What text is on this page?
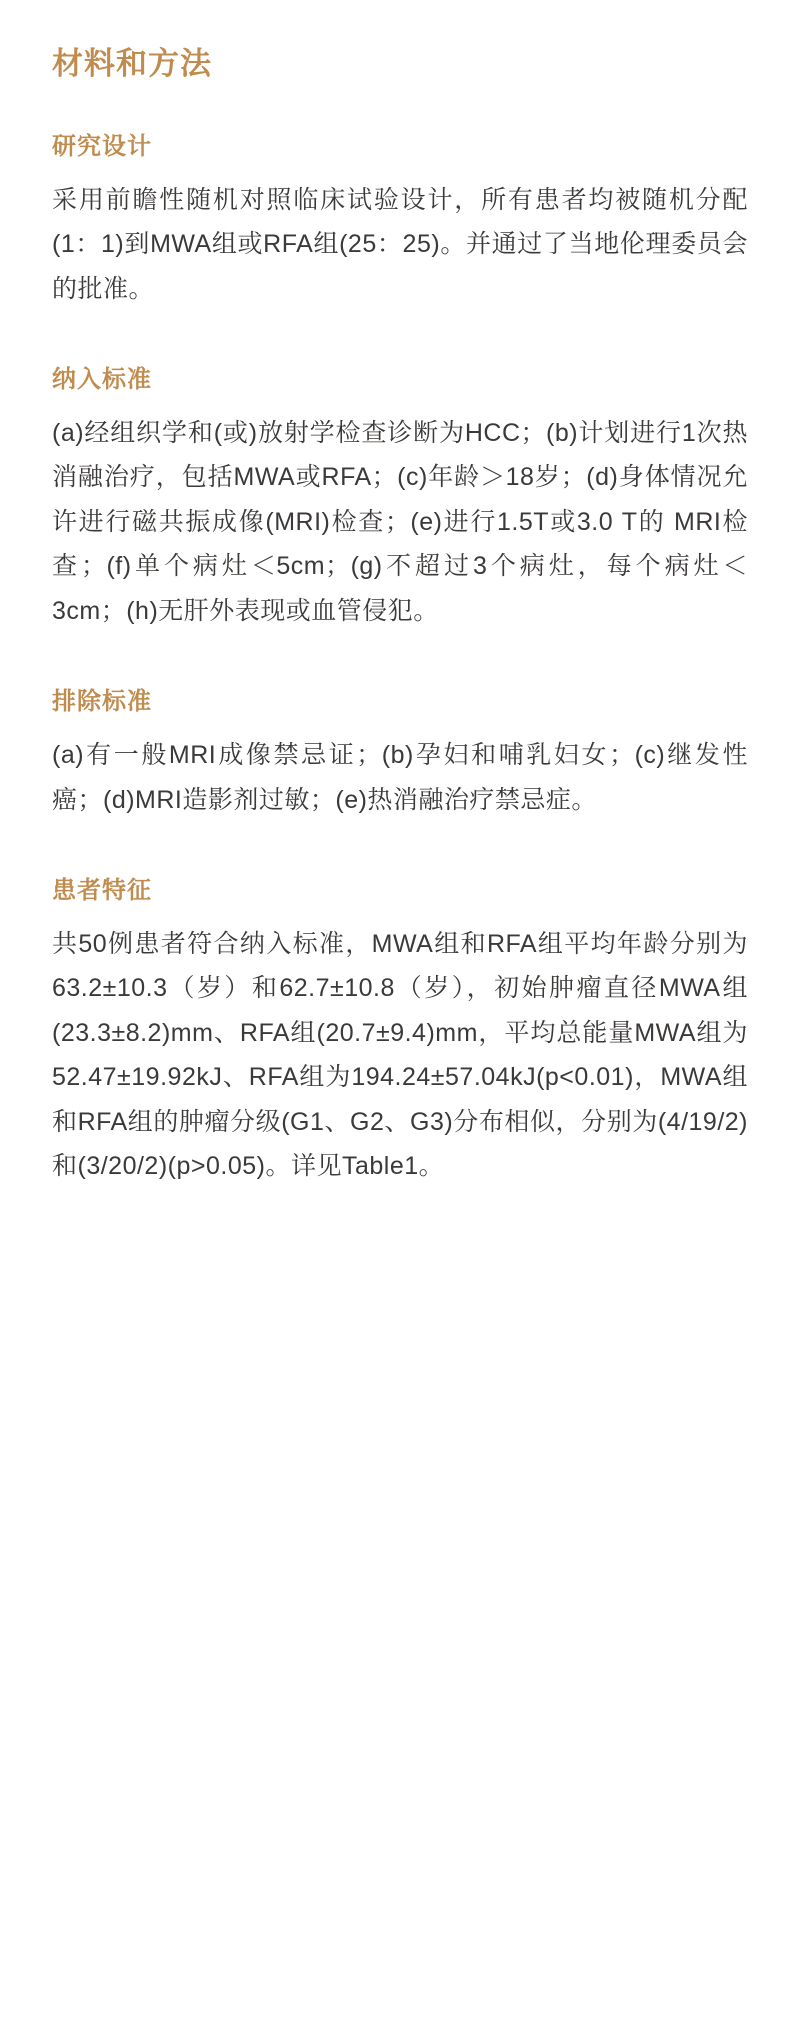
材料和方法
研究设计

采用前瞻性随机对照临床试验设计，所有患者均被随机分配(1：1)到MWA组或RFA组(25：25)。并通过了当地伦理委员会的批准。

纳入标准

(a)经组织学和(或)放射学检查诊断为HCC；(b)计划进行1次热消融治疗，包括MWA或RFA；(c)年龄＞18岁；(d)身体情况允许进行磁共振成像(MRI)检查；(e)进行1.5T或3.0 T的 MRI检查；(f)单个病灶＜5cm；(g)不超过3个病灶，每个病灶＜3cm；(h)无肝外表现或血管侵犯。

排除标准

(a)有一般MRI成像禁忌证；(b)孕妇和哺乳妇女；(c)继发性癌；(d)MRI造影剂过敏；(e)热消融治疗禁忌症。

患者特征

共50例患者符合纳入标准，MWA组和RFA组平均年龄分别为63.2±10.3（岁）和62.7±10.8（岁），初始肿瘤直径MWA组(23.3±8.2)mm、RFA组(20.7±9.4)mm，平均总能量MWA组为52.47±19.92kJ、RFA组为194.24±57.04kJ(p<0.01)，MWA组和RFA组的肿瘤分级(G1、G2、G3)分布相似，分别为(4/19/2)和(3/20/2)(p>0.05)。详见Table1。
